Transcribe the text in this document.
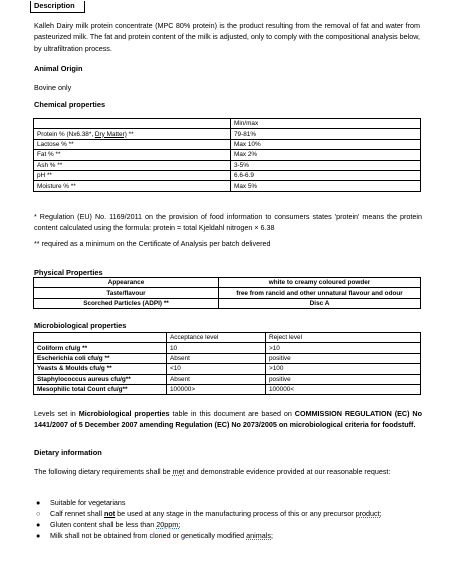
Description
Kalleh Dairy milk protein concentrate (MPC 80% protein) is the product resulting from the removal of fat and water from pasteurized milk. The fat and protein content of the milk is adjusted, only to comply with the compositional analysis below, by ultrafiltration process.
Animal Origin
Bovine only
Chemical properties
	Min/max
Protein % (Nx6.38*, Dry Matter) **	79-81%
Lactose % **	Max 10%
Fat % **	Max 2%
Ash % **	3-5%
pH **	6.6-6.9
Moisture % **	Max 5%
* Regulation (EU) No. 1169/2011 on the provision of food information to consumers states 'protein' means the protein content calculated using the formula: protein = total Kjeldahl nitrogen × 6.38
** required as a minimum on the Certificate of Analysis per batch delivered
Physical Properties
Appearance	white to creamy coloured powder
Taste/flavour	free from rancid and other unnatural flavour and odour
Scorched Particles (ADPI) **	Disc A
Microbiological properties
	Acceptance level	Reject level
Coliform cfu/g **	10	>10
Escherichia coli cfu/g **	Absent	positive
Yeasts & Moulds cfu/g **	<10	>100
Staphylococcus aureus cfu/g**	Absent	positive
Mesophilic total Count cfu/g**	100000>	100000<
Levels set in Microbiological properties table in this document are based on COMMISSION REGULATION (EC) No 1441/2007 of 5 December 2007 amending Regulation (EC) No 2073/2005 on microbiological criteria for foodstuff.
Dietary information
The following dietary requirements shall be met and demonstrable evidence provided at our reasonable request:
● Suitable for vegetarians
○ Calf rennet shall not be used at any stage in the manufacturing process of this or any precursor product;
● Gluten content shall be less than 20ppm;
● Milk shall not be obtained from cloned or genetically modified animals;
